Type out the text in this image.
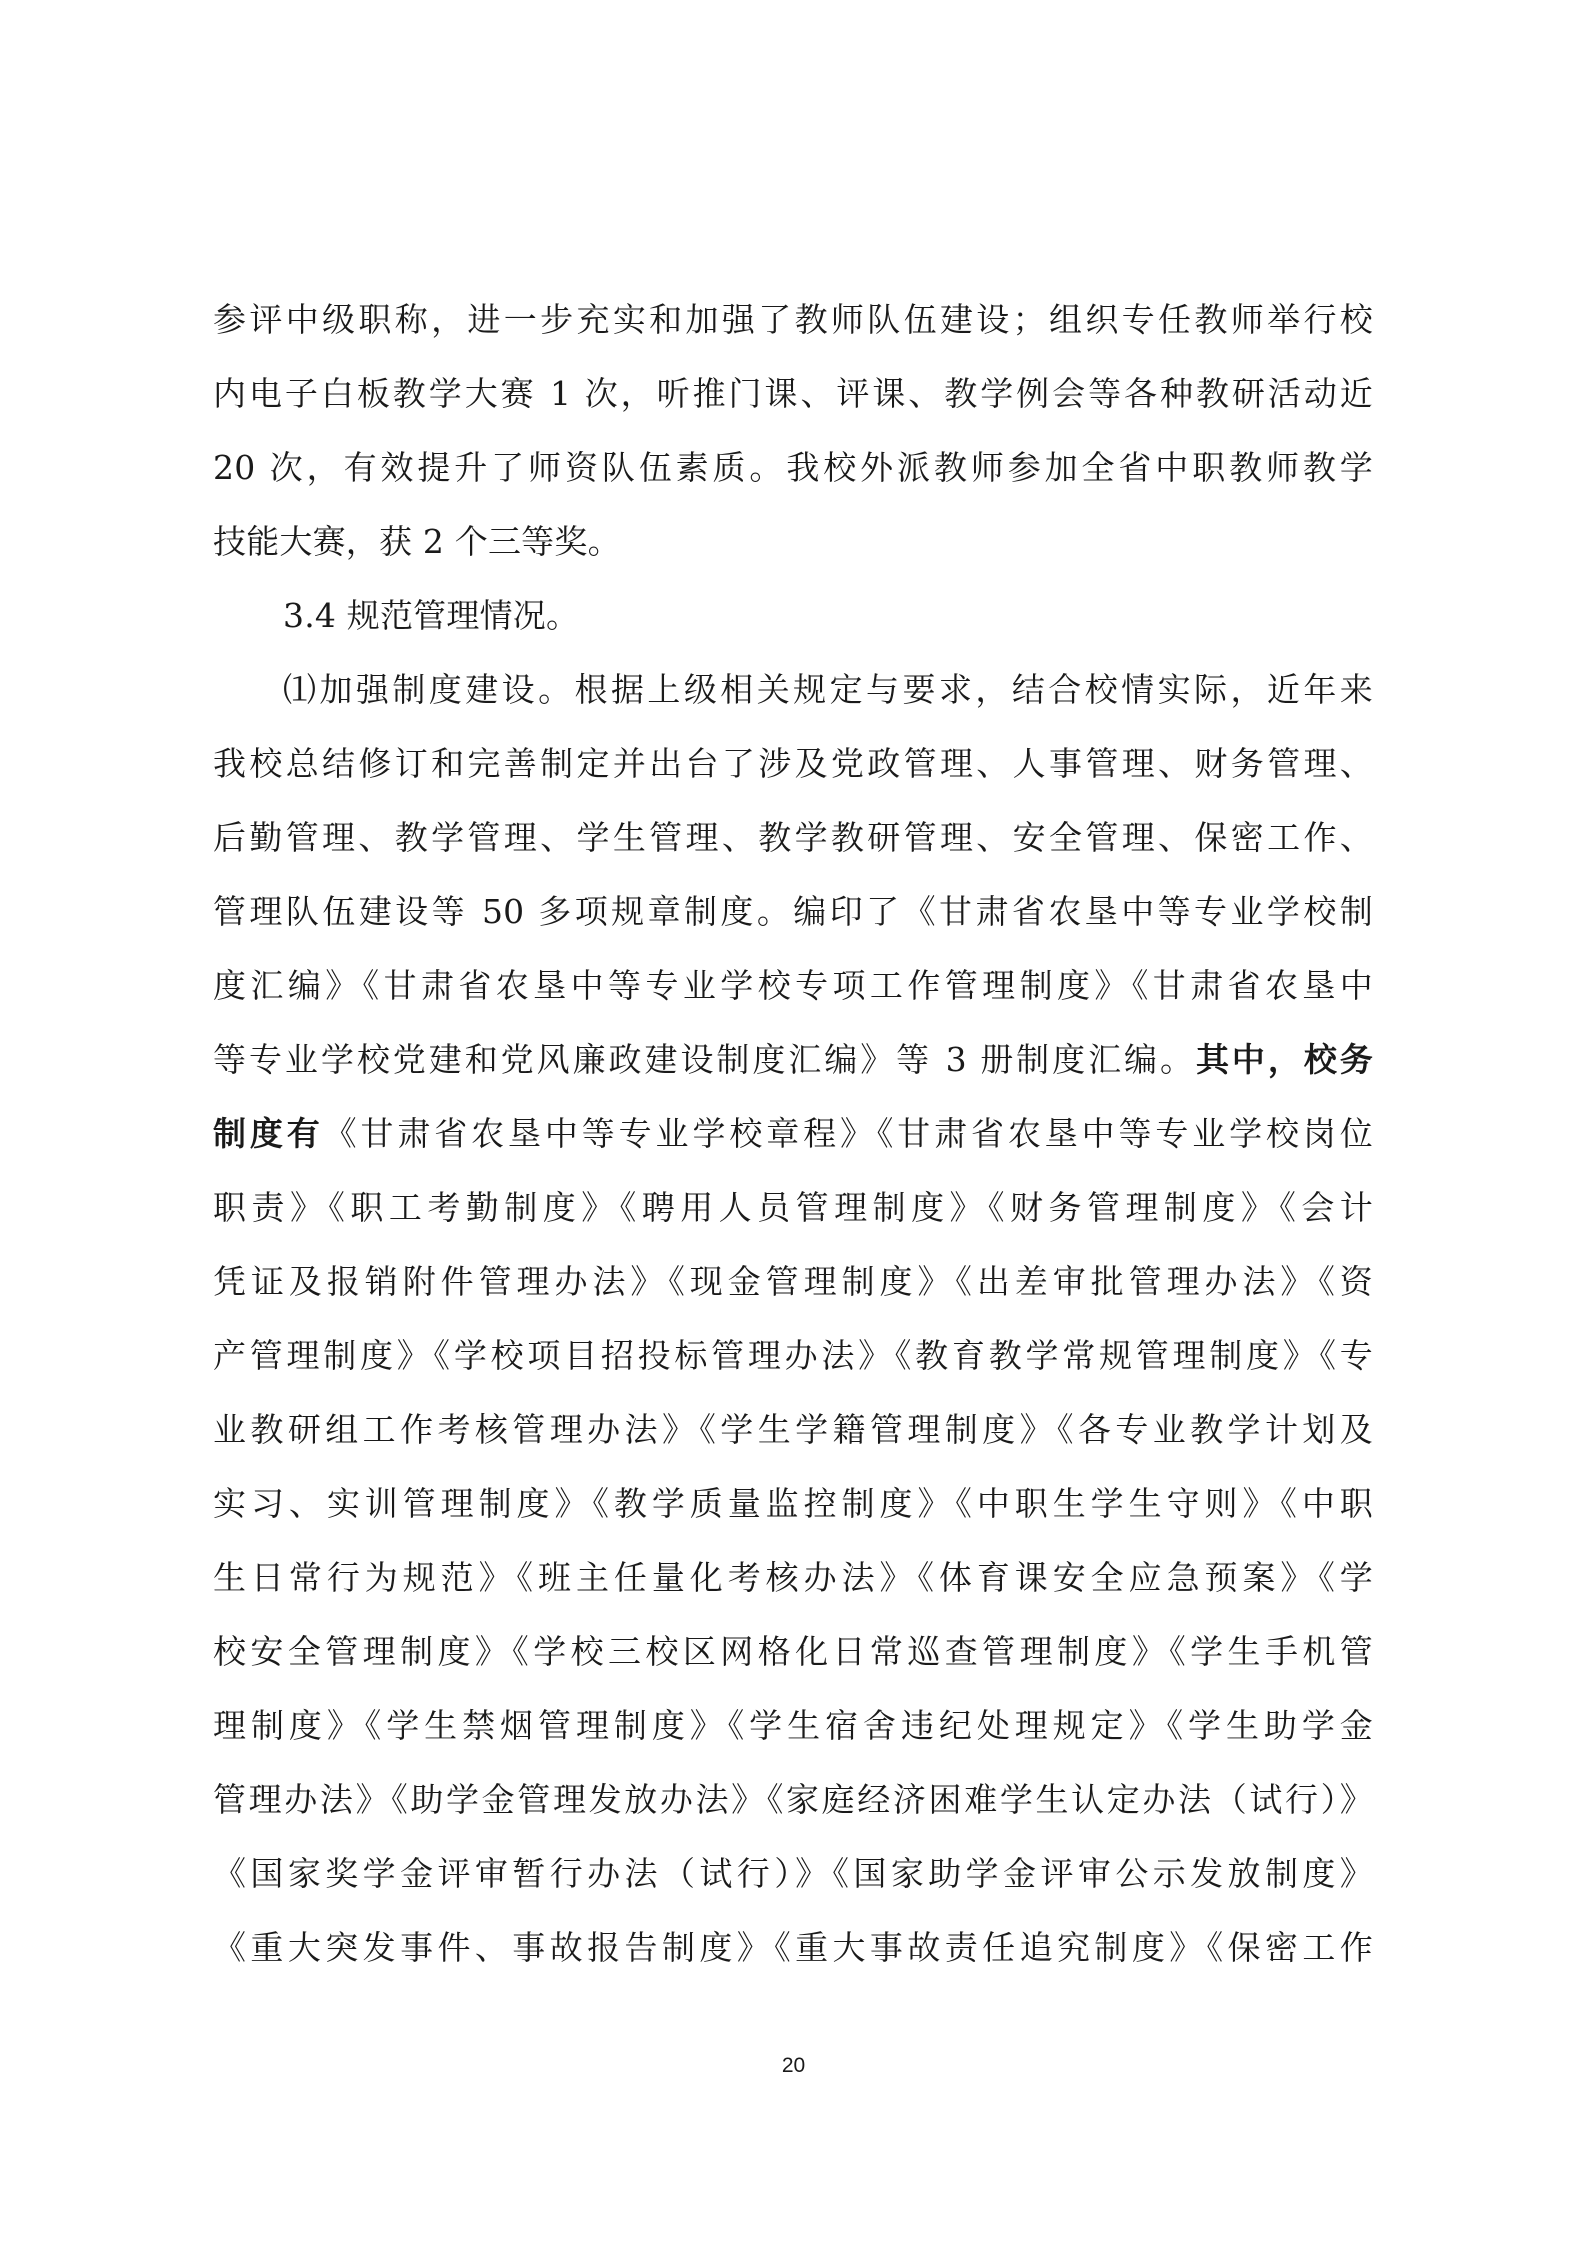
参评中级职称，进一步充实和加强了教师队伍建设；组织专任教师举行校
内电子白板教学大赛 1 次，听推门课、评课、教学例会等各种教研活动近
20 次，有效提升了师资队伍素质。我校外派教师参加全省中职教师教学
技能大赛，获 2 个三等奖。
3.4 规范管理情况。
⑴加强制度建设。根据上级相关规定与要求，结合校情实际，近年来
我校总结修订和完善制定并出台了涉及党政管理、人事管理、财务管理、
后勤管理、教学管理、学生管理、教学教研管理、安全管理、保密工作、
管理队伍建设等 50 多项规章制度。编印了《甘肃省农垦中等专业学校制
度汇编》《甘肃省农垦中等专业学校专项工作管理制度》《甘肃省农垦中
等专业学校党建和党风廉政建设制度汇编》等 3 册制度汇编。其中，校务
制度有《甘肃省农垦中等专业学校章程》《甘肃省农垦中等专业学校岗位
职责》《职工考勤制度》《聘用人员管理制度》《财务管理制度》《会计
凭证及报销附件管理办法》《现金管理制度》《出差审批管理办法》《资
产管理制度》《学校项目招投标管理办法》《教育教学常规管理制度》《专
业教研组工作考核管理办法》《学生学籍管理制度》《各专业教学计划及
实习、实训管理制度》《教学质量监控制度》《中职生学生守则》《中职
生日常行为规范》《班主任量化考核办法》《体育课安全应急预案》《学
校安全管理制度》《学校三校区网格化日常巡查管理制度》《学生手机管
理制度》《学生禁烟管理制度》《学生宿舍违纪处理规定》《学生助学金
管理办法》《助学金管理发放办法》《家庭经济困难学生认定办法（试行）》
《国家奖学金评审暂行办法（试行）》《国家助学金评审公示发放制度》
《重大突发事件、事故报告制度》《重大事故责任追究制度》《保密工作
20
